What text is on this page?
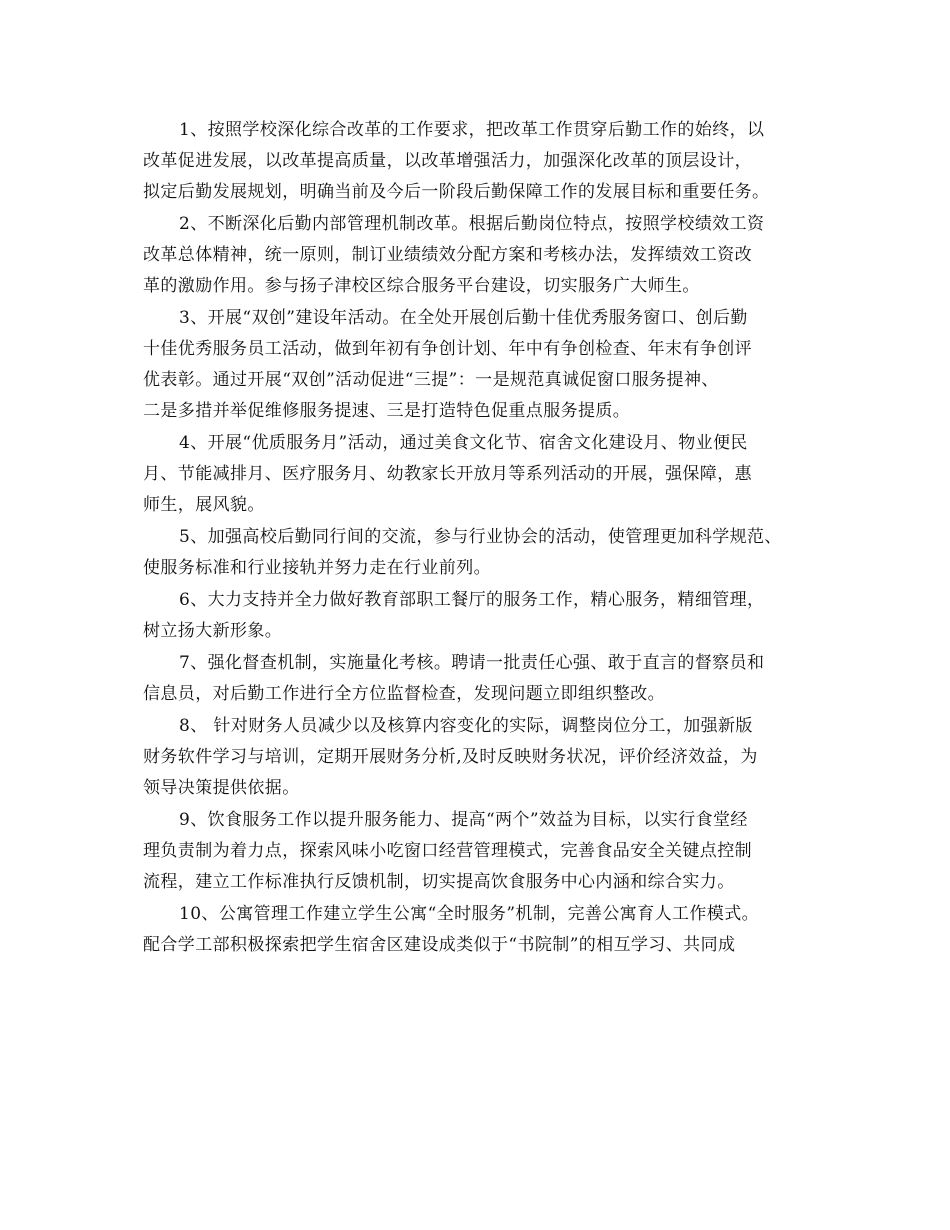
1、按照学校深化综合改革的工作要求，把改革工作贯穿后勤工作的始终，以
改革促进发展，以改革提高质量，以改革增强活力，加强深化改革的顶层设计，
拟定后勤发展规划，明确当前及今后一阶段后勤保障工作的发展目标和重要任务。

2、不断深化后勤内部管理机制改革。根据后勤岗位特点，按照学校绩效工资
改革总体精神，统一原则，制订业绩绩效分配方案和考核办法，发挥绩效工资改
革的激励作用。参与扬子津校区综合服务平台建设，切实服务广大师生。

3、开展“双创”建设年活动。在全处开展创后勤十佳优秀服务窗口、创后勤
十佳优秀服务员工活动，做到年初有争创计划、年中有争创检查、年末有争创评
优表彰。通过开展“双创”活动促进“三提”：一是规范真诚促窗口服务提神、
二是多措并举促维修服务提速、三是打造特色促重点服务提质。

4、开展“优质服务月”活动，通过美食文化节、宿舍文化建设月、物业便民
月、节能减排月、医疗服务月、幼教家长开放月等系列活动的开展，强保障，惠
师生，展风貌。

5、加强高校后勤同行间的交流，参与行业协会的活动，使管理更加科学规范、
使服务标准和行业接轨并努力走在行业前列。

6、大力支持并全力做好教育部职工餐厅的服务工作，精心服务，精细管理，
树立扬大新形象。

7、强化督查机制，实施量化考核。聘请一批责任心强、敢于直言的督察员和
信息员，对后勤工作进行全方位监督检查，发现问题立即组织整改。

8、 针对财务人员减少以及核算内容变化的实际，调整岗位分工，加强新版
财务软件学习与培训，定期开展财务分析,及时反映财务状况，评价经济效益，为
领导决策提供依据。

9、饮食服务工作以提升服务能力、提高“两个”效益为目标，以实行食堂经
理负责制为着力点，探索风味小吃窗口经营管理模式，完善食品安全关键点控制
流程，建立工作标准执行反馈机制，切实提高饮食服务中心内涵和综合实力。

10、公寓管理工作建立学生公寓“全时服务”机制，完善公寓育人工作模式。
配合学工部积极探索把学生宿舍区建设成类似于“书院制”的相互学习、共同成
